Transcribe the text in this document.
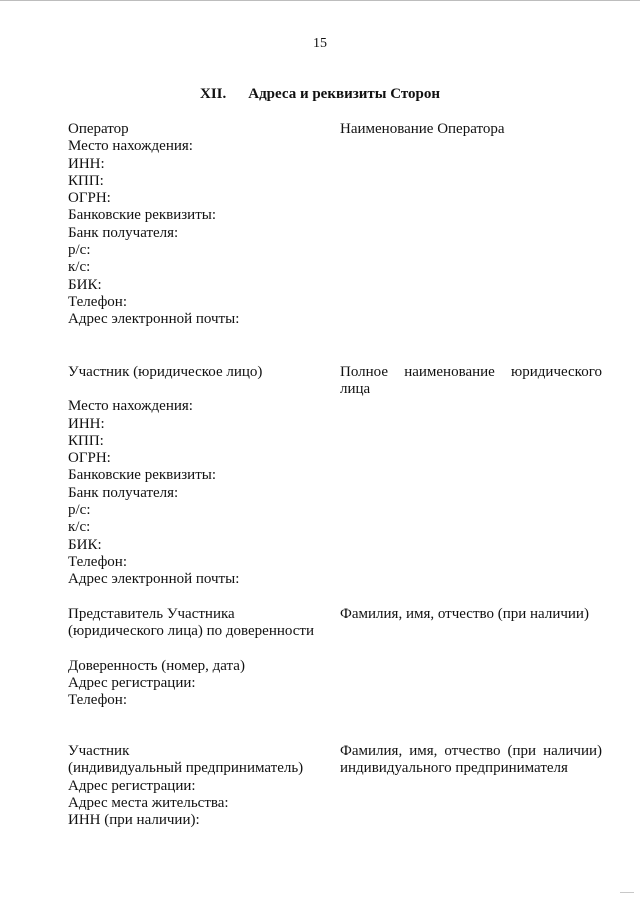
15
XII. Адреса и реквизиты Сторон
Оператор
Место нахождения:
ИНН:
КПП:
ОГРН:
Банковские реквизиты:
Банк получателя:
р/с:
к/с:
БИК:
Телефон:
Адрес электронной почты:
Наименование Оператора
Участник (юридическое лицо)
Место нахождения:
ИНН:
КПП:
ОГРН:
Банковские реквизиты:
Банк получателя:
р/с:
к/с:
БИК:
Телефон:
Адрес электронной почты:
Полное наименование юридического
лица
Представитель Участника
(юридического лица) по доверенности
Доверенность (номер, дата)
Адрес регистрации:
Телефон:
Фамилия, имя, отчество (при наличии)
Участник
(индивидуальный предприниматель)
Адрес регистрации:
Адрес места жительства:
ИНН (при наличии):
Фамилия, имя, отчество (при наличии)
индивидуального предпринимателя
